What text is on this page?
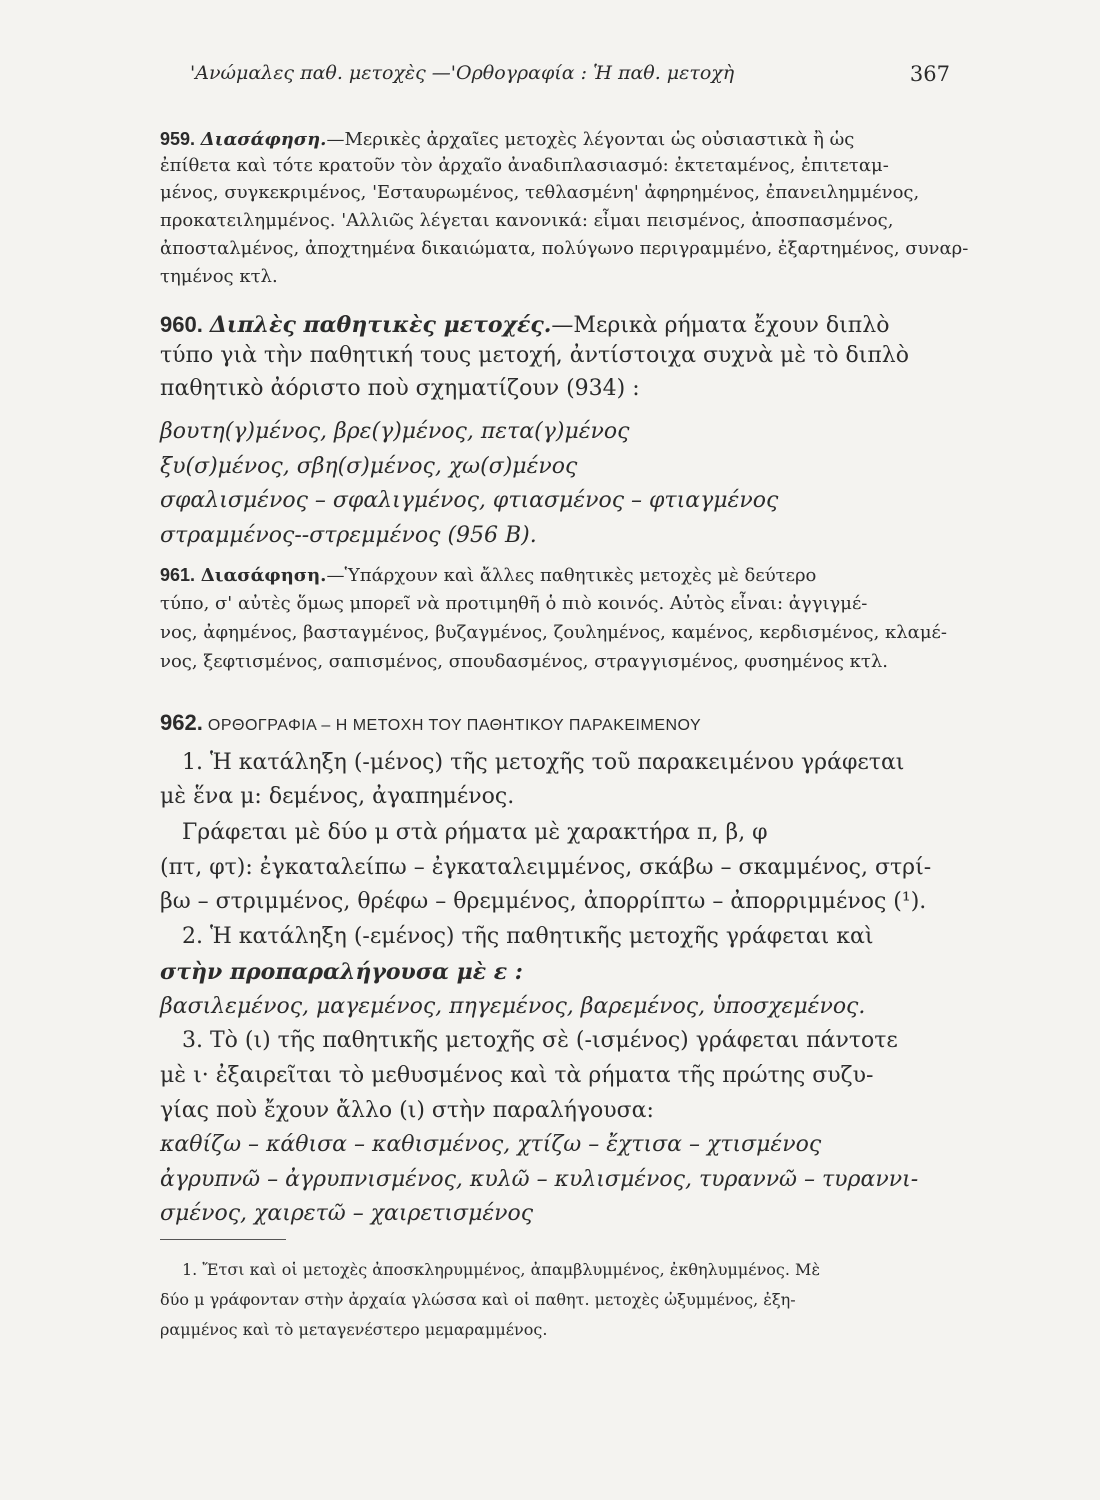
'Ανώμαλες παθ. μετοχὲς —'Ορθογραφία : Ἡ παθ. μετοχὴ	367
959. Διασάφηση.—Μερικὲς ἀρχαῖες μετοχὲς λέγονται ὡς οὐσιαστικὰ ἢ ὡς
ἐπίθετα καὶ τότε κρατοῦν τὸν ἀρχαῖο ἀναδιπλασιασμό: ἐκτεταμένος, ἐπιτεταμ-
μένος, συγκεκριμένος, 'Εσταυρωμένος, τεθλασμένη' ἀφηρημένος, ἐπανειλημμένος,
προκατειλημμένος. 'Αλλιῶς λέγεται κανονικά: εἶμαι πεισμένος, ἀποσπασμένος,
ἀποσταλμένος, ἀποχτημένα δικαιώματα, πολύγωνο περιγραμμένο, ἐξαρτημένος, συναρ-
τημένος κτλ.
960. Διπλὲς παθητικὲς μετοχές.—Μερικὰ ρήματα ἔχουν διπλὸ
τύπο γιὰ τὴν παθητική τους μετοχή, ἀντίστοιχα συχνὰ μὲ τὸ διπλὸ
παθητικὸ ἀόριστο ποὺ σχηματίζουν (934) :
βουτη(γ)μένος, βρε(γ)μένος, πετα(γ)μένος
ξυ(σ)μένος, σβη(σ)μένος, χω(σ)μένος
σφαλισμένος – σφαλιγμένος, φτιασμένος – φτιαγμένος
στραμμένος--στρεμμένος (956 Β).
961. Διασάφηση.—Ὑπάρχουν καὶ ἄλλες παθητικὲς μετοχὲς μὲ δεύτερο
τύπο, σ' αὐτὲς ὅμως μπορεῖ νὰ προτιμηθῆ ὁ πιὸ κοινός. Αὐτὸς εἶναι: ἀγγιγμέ-
νος, ἀφημένος, βασταγμένος, βυζαγμένος, ζουλημένος, καμένος, κερδισμένος, κλαμέ-
νος, ξεφτισμένος, σαπισμένος, σπουδασμένος, στραγγισμένος, φυσημένος κτλ.
962. ΟΡΘΟΓΡΑΦΙΑ – Η ΜΕΤΟΧΗ ΤΟΥ ΠΑΘΗΤΙΚΟΥ ΠΑΡΑΚΕΙΜΕΝΟΥ
1. Ἡ κατάληξη (-μένος) τῆς μετοχῆς τοῦ παρακειμένου γράφεται
μὲ ἕνα μ: δεμένος, ἀγαπημένος.
Γράφεται μὲ δύο μ στὰ ρήματα μὲ χαρακτήρα π, β, φ
(πτ, φτ): ἐγκαταλείπω – ἐγκαταλειμμένος, σκάβω – σκαμμένος, στρί-
βω – στριμμένος, θρέφω – θρεμμένος, ἀπορρίπτω – ἀπορριμμένος (¹).
2. Ἡ κατάληξη (-εμένος) τῆς παθητικῆς μετοχῆς γράφεται καὶ
στὴν προπαραλήγουσα μὲ ε :
βασιλεμένος, μαγεμένος, πηγεμένος, βαρεμένος, ὑποσχεμένος.
3. Τὸ (ι) τῆς παθητικῆς μετοχῆς σὲ (-ισμένος) γράφεται πάντοτε
μὲ ι· ἐξαιρεῖται τὸ μεθυσμένος καὶ τὰ ρήματα τῆς πρώτης συζυ-
γίας ποὺ ἔχουν ἄλλο (ι) στὴν παραλήγουσα:
καθίζω – κάθισα – καθισμένος, χτίζω – ἔχτισα – χτισμένος
ἀγρυπνῶ – ἀγρυπνισμένος, κυλῶ – κυλισμένος, τυραννῶ – τυραννι-
σμένος, χαιρετῶ – χαιρετισμένος
1. Ἔτσι καὶ οἱ μετοχὲς ἀποσκληρυμμένος, ἀπαμβλυμμένος, ἐκθηλυμμένος. Μὲ
δύο μ γράφονταν στὴν ἀρχαία γλώσσα καὶ οἱ παθητ. μετοχὲς ὠξυμμένος, ἐξη-
ραμμένος καὶ τὸ μεταγενέστερο μεμαραμμένος.
